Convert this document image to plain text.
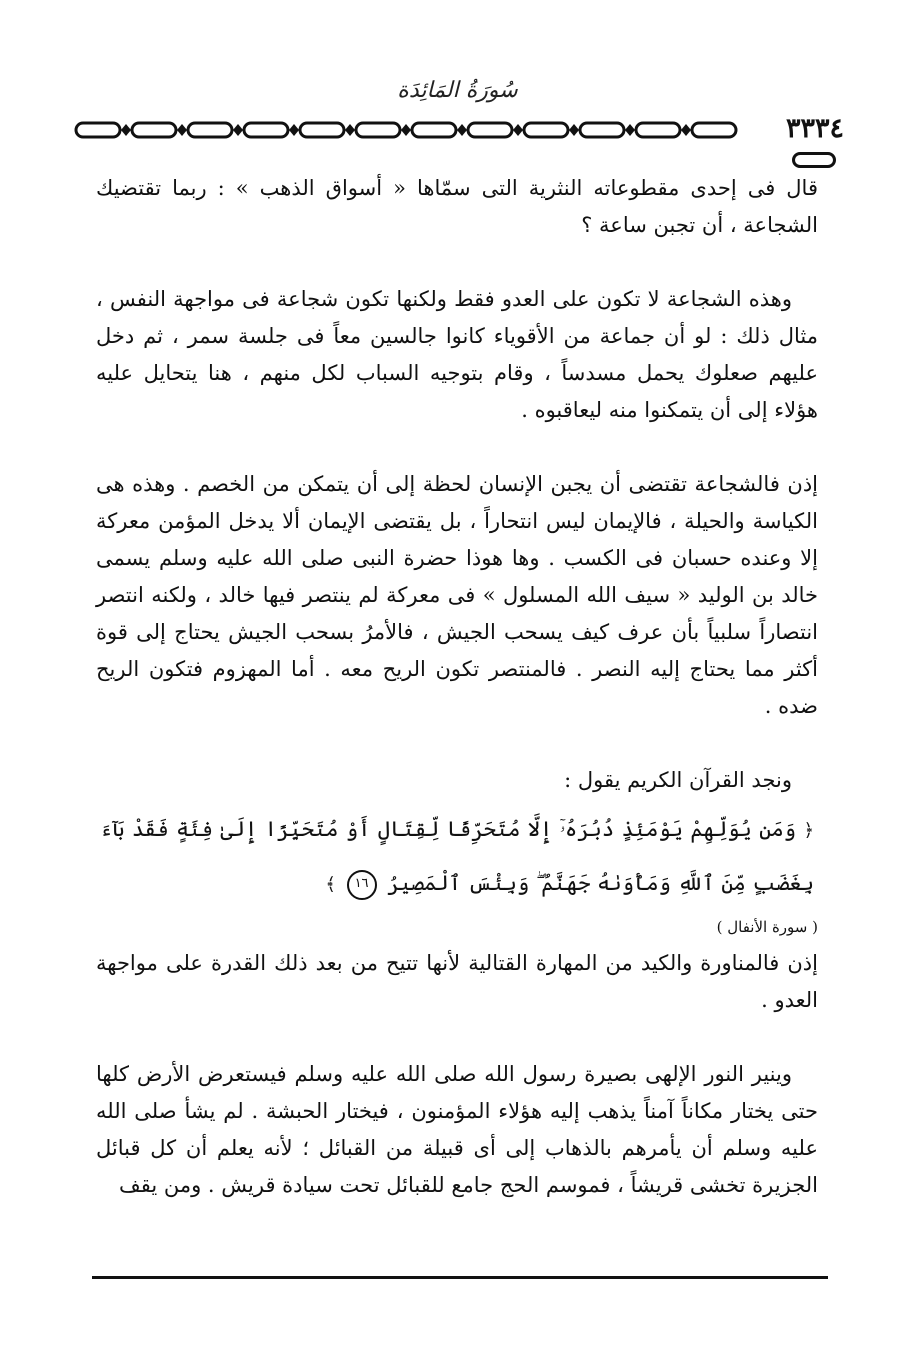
سُورَةُ المَائِدَة
٣٣٣٤

قال فى إحدى مقطوعاته النثرية التى سمّاها « أسواق الذهب » : ربما تقتضيك الشجاعة ، أن تجبن ساعة ؟

وهذه الشجاعة لا تكون على العدو فقط ولكنها تكون شجاعة فى مواجهة النفس ، مثال ذلك : لو أن جماعة من الأقوياء كانوا جالسين معاً فى جلسة سمر ، ثم دخل عليهم صعلوك يحمل مسدساً ، وقام بتوجيه السباب لكل منهم ، هنا يتحايل عليه هؤلاء إلى أن يتمكنوا منه ليعاقبوه .

إذن فالشجاعة تقتضى أن يجبن الإنسان لحظة إلى أن يتمكن من الخصم . وهذه هى الكياسة والحيلة ، فالإيمان ليس انتحاراً ، بل يقتضى الإيمان ألا يدخل المؤمن معركة إلا وعنده حسبان فى الكسب . وها هوذا حضرة النبى صلى الله عليه وسلم يسمى خالد بن الوليد « سيف الله المسلول » فى معركة لم ينتصر فيها خالد ، ولكنه انتصر انتصاراً سلبياً بأن عرف كيف يسحب الجيش ، فالأمرُ بسحب الجيش يحتاج إلى قوة أكثر مما يحتاج إليه النصر . فالمنتصر تكون الريح معه . أما المهزوم فتكون الريح ضده .

ونجد القرآن الكريم يقول :

﴿ وَمَن يُوَلِّهِمْ يَوْمَئِذٍ دُبُرَهُۥٓ إِلَّا مُتَحَرِّفًا لِّقِتَالٍ أَوْ مُتَحَيِّزًا إِلَىٰ فِئَةٍ فَقَدْ بَآءَ بِغَضَبٍ مِّنَ ٱللَّهِ وَمَأْوَىٰهُ جَهَنَّمُ ۖ وَبِئْسَ ٱلْمَصِيرُ ١٦ ﴾
( سورة الأنفال )

إذن فالمناورة والكيد من المهارة القتالية لأنها تتيح من بعد ذلك القدرة على مواجهة العدو .

وينير النور الإلهى بصيرة رسول الله صلى الله عليه وسلم فيستعرض الأرض كلها حتى يختار مكاناً آمناً يذهب إليه هؤلاء المؤمنون ، فيختار الحبشة . لم يشأ صلى الله عليه وسلم أن يأمرهم بالذهاب إلى أى قبيلة من القبائل ؛ لأنه يعلم أن كل قبائل الجزيرة تخشى قريشاً ، فموسم الحج جامع للقبائل تحت سيادة قريش . ومن يقف
